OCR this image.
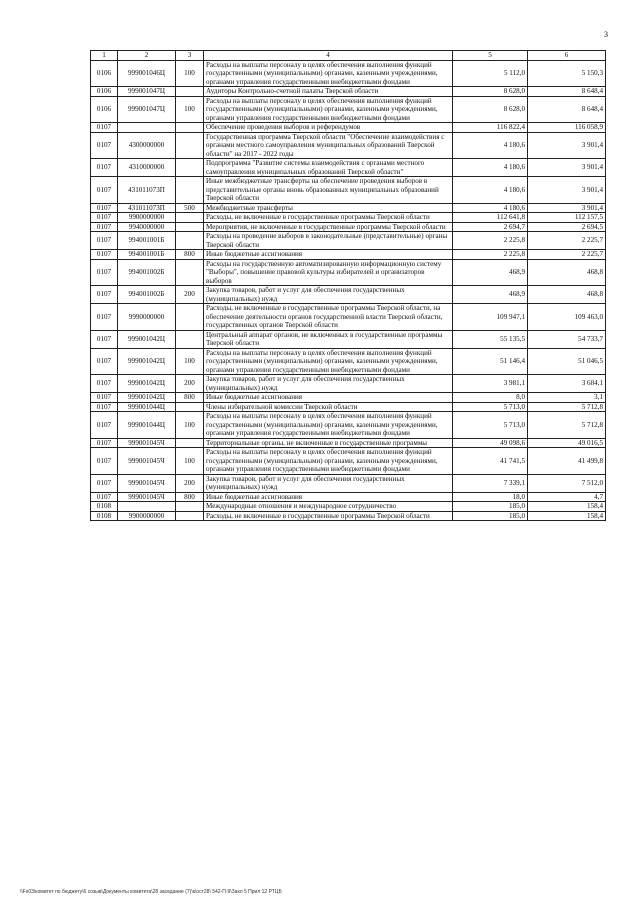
3
1	2	3	4	5	6
0106	999001046Ц	100	Расходы на выплаты персоналу в целях обеспечения выполнения функций государственными (муниципальными) органами, казенными учреждениями, органами управления государственными внебюджетными фондами	5 112,0	5 150,3
0106	999001047Ц		Аудиторы Контрольно-счетной палаты Тверской области	8 628,0	8 648,4
0106	999001047Ц	100	Расходы на выплаты персоналу в целях обеспечения выполнения функций государственными (муниципальными) органами, казенными учреждениями, органами управления государственными внебюджетными фондами	8 628,0	8 648,4
0107			Обеспечение проведения выборов и референдумов	116 822,4	116 058,9
0107	4300000000		Государственная программа Тверской области "Обеспечение взаимодействия с органами местного самоуправления муниципальных образований Тверской области" на 2017 - 2022 годы	4 180,6	3 901,4
0107	4310000000		Подпрограмма "Развитие системы взаимодействия с органами местного самоуправления муниципальных образований Тверской области"	4 180,6	3 901,4
0107	431011073П		Иные межбюджетные трансферты на обеспечение проведения выборов в представительные органы вновь образованных муниципальных образований Тверской области	4 180,6	3 901,4
0107	431011073П	500	Межбюджетные трансферты	4 180,6	3 901,4
0107	9900000000		Расходы, не включенные в государственные программы Тверской области	112 641,8	112 157,5
0107	9940000000		Мероприятия, не включенные в государственные программы Тверской области	2 694,7	2 694,5
0107	994001001Б		Расходы на проведение выборов в законодательные (представительные) органы Тверской области	2 225,8	2 225,7
0107	994001001Б	800	Иные бюджетные ассигнования	2 225,8	2 225,7
0107	994001002Б		Расходы на государственную автоматизированную информационную систему "Выборы", повышение правовой культуры избирателей и организаторов выборов	468,9	468,8
0107	994001002Б	200	Закупка товаров, работ и услуг для обеспечения государственных (муниципальных) нужд	468,9	468,8
0107	9990000000		Расходы, не включенные в государственные программы Тверской области, на обеспечение деятельности органов государственной власти Тверской области, государственных органов Тверской области	109 947,1	109 463,0
0107	999001042Ц		Центральный аппарат органов, не включенных в государственные программы Тверской области	55 135,5	54 733,7
0107	999001042Ц	100	Расходы на выплаты персоналу в целях обеспечения выполнения функций государственными (муниципальными) органами, казенными учреждениями, органами управления государственными внебюджетными фондами	51 146,4	51 046,5
0107	999001042Ц	200	Закупка товаров, работ и услуг для обеспечения государственных (муниципальных) нужд	3 981,1	3 684,1
0107	999001042Ц	800	Иные бюджетные ассигнования	8,0	3,1
0107	999001044Ц		Члены избирательной комиссии Тверской области	5 713,0	5 712,8
0107	999001044Ц	100	Расходы на выплаты персоналу в целях обеспечения выполнения функций государственными (муниципальными) органами, казенными учреждениями, органами управления государственными внебюджетными фондами	5 713,0	5 712,8
0107	999001045Ч		Территориальные органы, не включенные в государственные программы	49 098,6	49 016,5
0107	999001045Ч	100	Расходы на выплаты персоналу в целях обеспечения выполнения функций государственными (муниципальными) органами, казенными учреждениями, органами управления государственными внебюджетными фондами	41 741,5	41 499,8
0107	999001045Ч	200	Закупка товаров, работ и услуг для обеспечения государственных (муниципальных) нужд	7 339,1	7 512,0
0107	999001045Ч	800	Иные бюджетные ассигнования	18,0	4,7
0108			Международные отношения и международное сотрудничество	185,0	158,4
0108	9900000000		Расходы, не включенные в государственные программы Тверской области	185,0	158,4
\\Fs03\комитет по бюджету\6 созыв\Документы комитета\28 заседание (7)\к\ост28\ 542-П-9\Закл 5 Прил 12 РТЦБ
